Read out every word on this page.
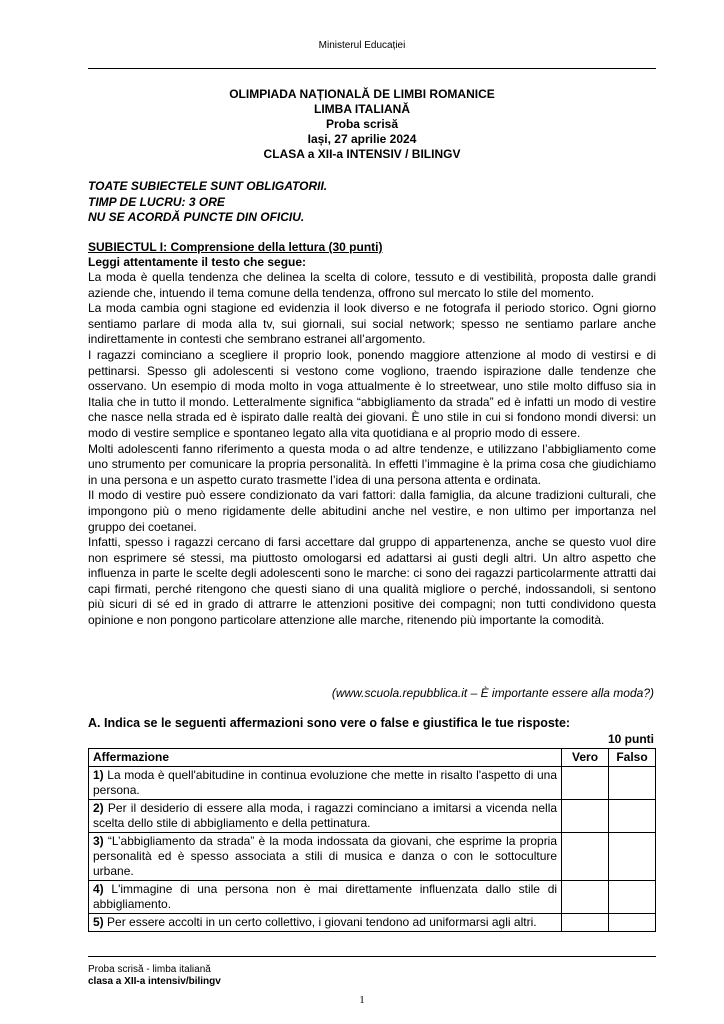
Ministerul Educației
OLIMPIADA NAȚIONALĂ DE LIMBI ROMANICE
LIMBA ITALIANĂ
Proba scrisă
Iași, 27 aprilie 2024
CLASA a XII-a INTENSIV / BILINGV
TOATE SUBIECTELE SUNT OBLIGATORII.
TIMP DE LUCRU: 3 ORE
NU SE ACORDĂ PUNCTE DIN OFICIU.
SUBIECTUL I: Comprensione della lettura (30 punti)
Leggi attentamente il testo che segue:

La moda è quella tendenza che delinea la scelta di colore, tessuto e di vestibilità, proposta dalle grandi aziende che, intuendo il tema comune della tendenza, offrono sul mercato lo stile del momento.

La moda cambia ogni stagione ed evidenzia il look diverso e ne fotografa il periodo storico. Ogni giorno sentiamo parlare di moda alla tv, sui giornali, sui social network; spesso ne sentiamo parlare anche indirettamente in contesti che sembrano estranei all’argomento.

I ragazzi cominciano a scegliere il proprio look, ponendo maggiore attenzione al modo di vestirsi e di pettinarsi. Spesso gli adolescenti si vestono come vogliono, traendo ispirazione dalle tendenze che osservano. Un esempio di moda molto in voga attualmente è lo streetwear, uno stile molto diffuso sia in Italia che in tutto il mondo. Letteralmente significa “abbigliamento da strada” ed è infatti un modo di vestire che nasce nella strada ed è ispirato dalle realtà dei giovani. È uno stile in cui si fondono mondi diversi: un modo di vestire semplice e spontaneo legato alla vita quotidiana e al proprio modo di essere.

Molti adolescenti fanno riferimento a questa moda o ad altre tendenze, e utilizzano l’abbigliamento come uno strumento per comunicare la propria personalità. In effetti l’immagine è la prima cosa che giudichiamo in una persona e un aspetto curato trasmette l’idea di una persona attenta e ordinata.

Il modo di vestire può essere condizionato da vari fattori: dalla famiglia, da alcune tradizioni culturali, che impongono più o meno rigidamente delle abitudini anche nel vestire, e non ultimo per importanza nel gruppo dei coetanei.

Infatti, spesso i ragazzi cercano di farsi accettare dal gruppo di appartenenza, anche se questo vuol dire non esprimere sé stessi, ma piuttosto omologarsi ed adattarsi ai gusti degli altri. Un altro aspetto che influenza in parte le scelte degli adolescenti sono le marche: ci sono dei ragazzi particolarmente attratti dai capi firmati, perché ritengono che questi siano di una qualità migliore o perché, indossandoli, si sentono più sicuri di sé ed in grado di attrarre le attenzioni positive dei compagni; non tutti condividono questa opinione e non pongono particolare attenzione alle marche, ritenendo più importante la comodità.

(www.scuola.repubblica.it – È importante essere alla moda?)
A. Indica se le seguenti affermazioni sono vere o false e giustifica le tue risposte:
10 punti
Affermazione	Vero	Falso
1) La moda è quell'abitudine in continua evoluzione che mette in risalto l'aspetto di una persona.		
2) Per il desiderio di essere alla moda, i ragazzi cominciano a imitarsi a vicenda nella scelta dello stile di abbigliamento e della pettinatura.		
3) “L’abbigliamento da strada” è la moda indossata da giovani, che esprime la propria personalità ed è spesso associata a stili di musica e danza o con le sottoculture urbane.		
4) L'immagine di una persona non è mai direttamente influenzata dallo stile di abbigliamento.		
5) Per essere accolti in un certo collettivo, i giovani tendono ad uniformarsi agli altri.		
Proba scrisă - limba italiană
clasa a XII-a intensiv/bilingv
1
